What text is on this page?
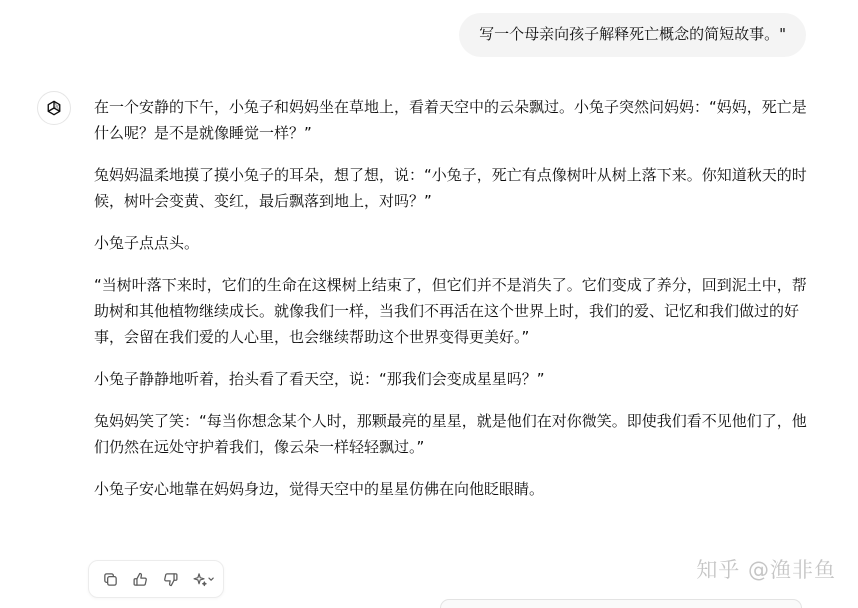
写一个母亲向孩子解释死亡概念的简短故事。"

在一个安静的下午，小兔子和妈妈坐在草地上，看着天空中的云朵飘过。小兔子突然问妈妈：“妈妈，死亡是什么呢？是不是就像睡觉一样？”

兔妈妈温柔地摸了摸小兔子的耳朵，想了想，说：“小兔子，死亡有点像树叶从树上落下来。你知道秋天的时候，树叶会变黄、变红，最后飘落到地上，对吗？”

小兔子点点头。

“当树叶落下来时，它们的生命在这棵树上结束了，但它们并不是消失了。它们变成了养分，回到泥土中，帮助树和其他植物继续成长。就像我们一样，当我们不再活在这个世界上时，我们的爱、记忆和我们做过的好事，会留在我们爱的人心里，也会继续帮助这个世界变得更美好。”

小兔子静静地听着，抬头看了看天空，说：“那我们会变成星星吗？”

兔妈妈笑了笑：“每当你想念某个人时，那颗最亮的星星，就是他们在对你微笑。即使我们看不见他们了，他们仍然在远处守护着我们，像云朵一样轻轻飘过。”

小兔子安心地靠在妈妈身边，觉得天空中的星星仿佛在向他眨眼睛。

知乎 @渔非鱼
